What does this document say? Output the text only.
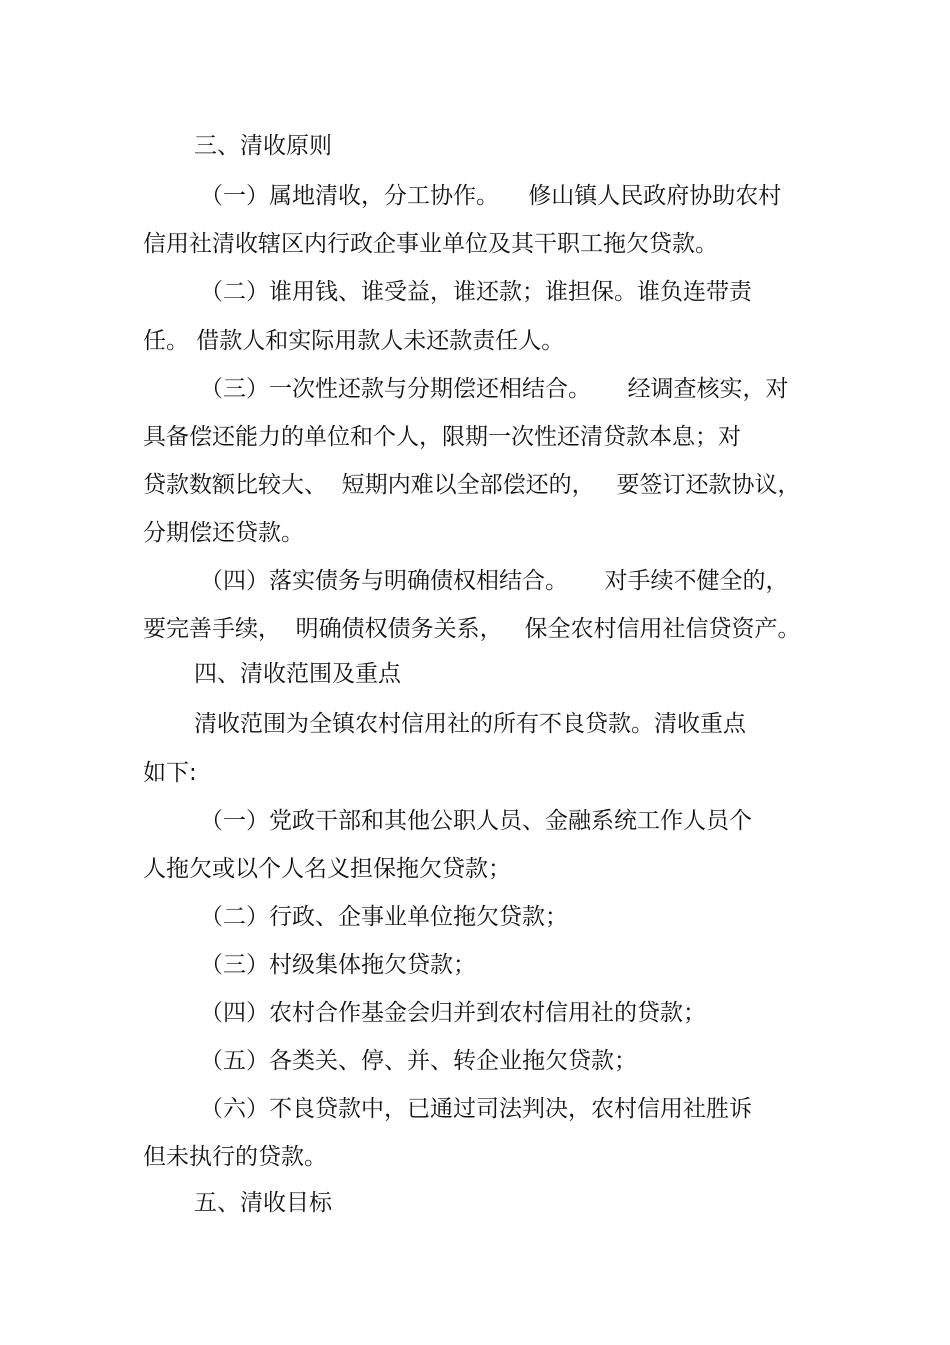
三、清收原则
（一）属地清收，分工协作。    修山镇人民政府协助农村
信用社清收辖区内行政企事业单位及其干职工拖欠贷款。
（二）谁用钱、谁受益，谁还款；谁担保。谁负连带责
任。 借款人和实际用款人未还款责任人。
（三）一次性还款与分期偿还相结合。     经调查核实，对
具备偿还能力的单位和个人，限期一次性还清贷款本息；对
贷款数额比较大、  短期内难以全部偿还的，   要签订还款协议，
分期偿还贷款。
（四）落实债务与明确债权相结合。     对手续不健全的，
要完善手续，  明确债权债务关系，   保全农村信用社信贷资产。
四、清收范围及重点
清收范围为全镇农村信用社的所有不良贷款。清收重点
如下:
（一）党政干部和其他公职人员、金融系统工作人员个
人拖欠或以个人名义担保拖欠贷款；
（二）行政、企事业单位拖欠贷款；
（三）村级集体拖欠贷款；
（四）农村合作基金会归并到农村信用社的贷款；
（五）各类关、停、并、转企业拖欠贷款；
（六）不良贷款中，已通过司法判决，农村信用社胜诉
但未执行的贷款。
五、清收目标
